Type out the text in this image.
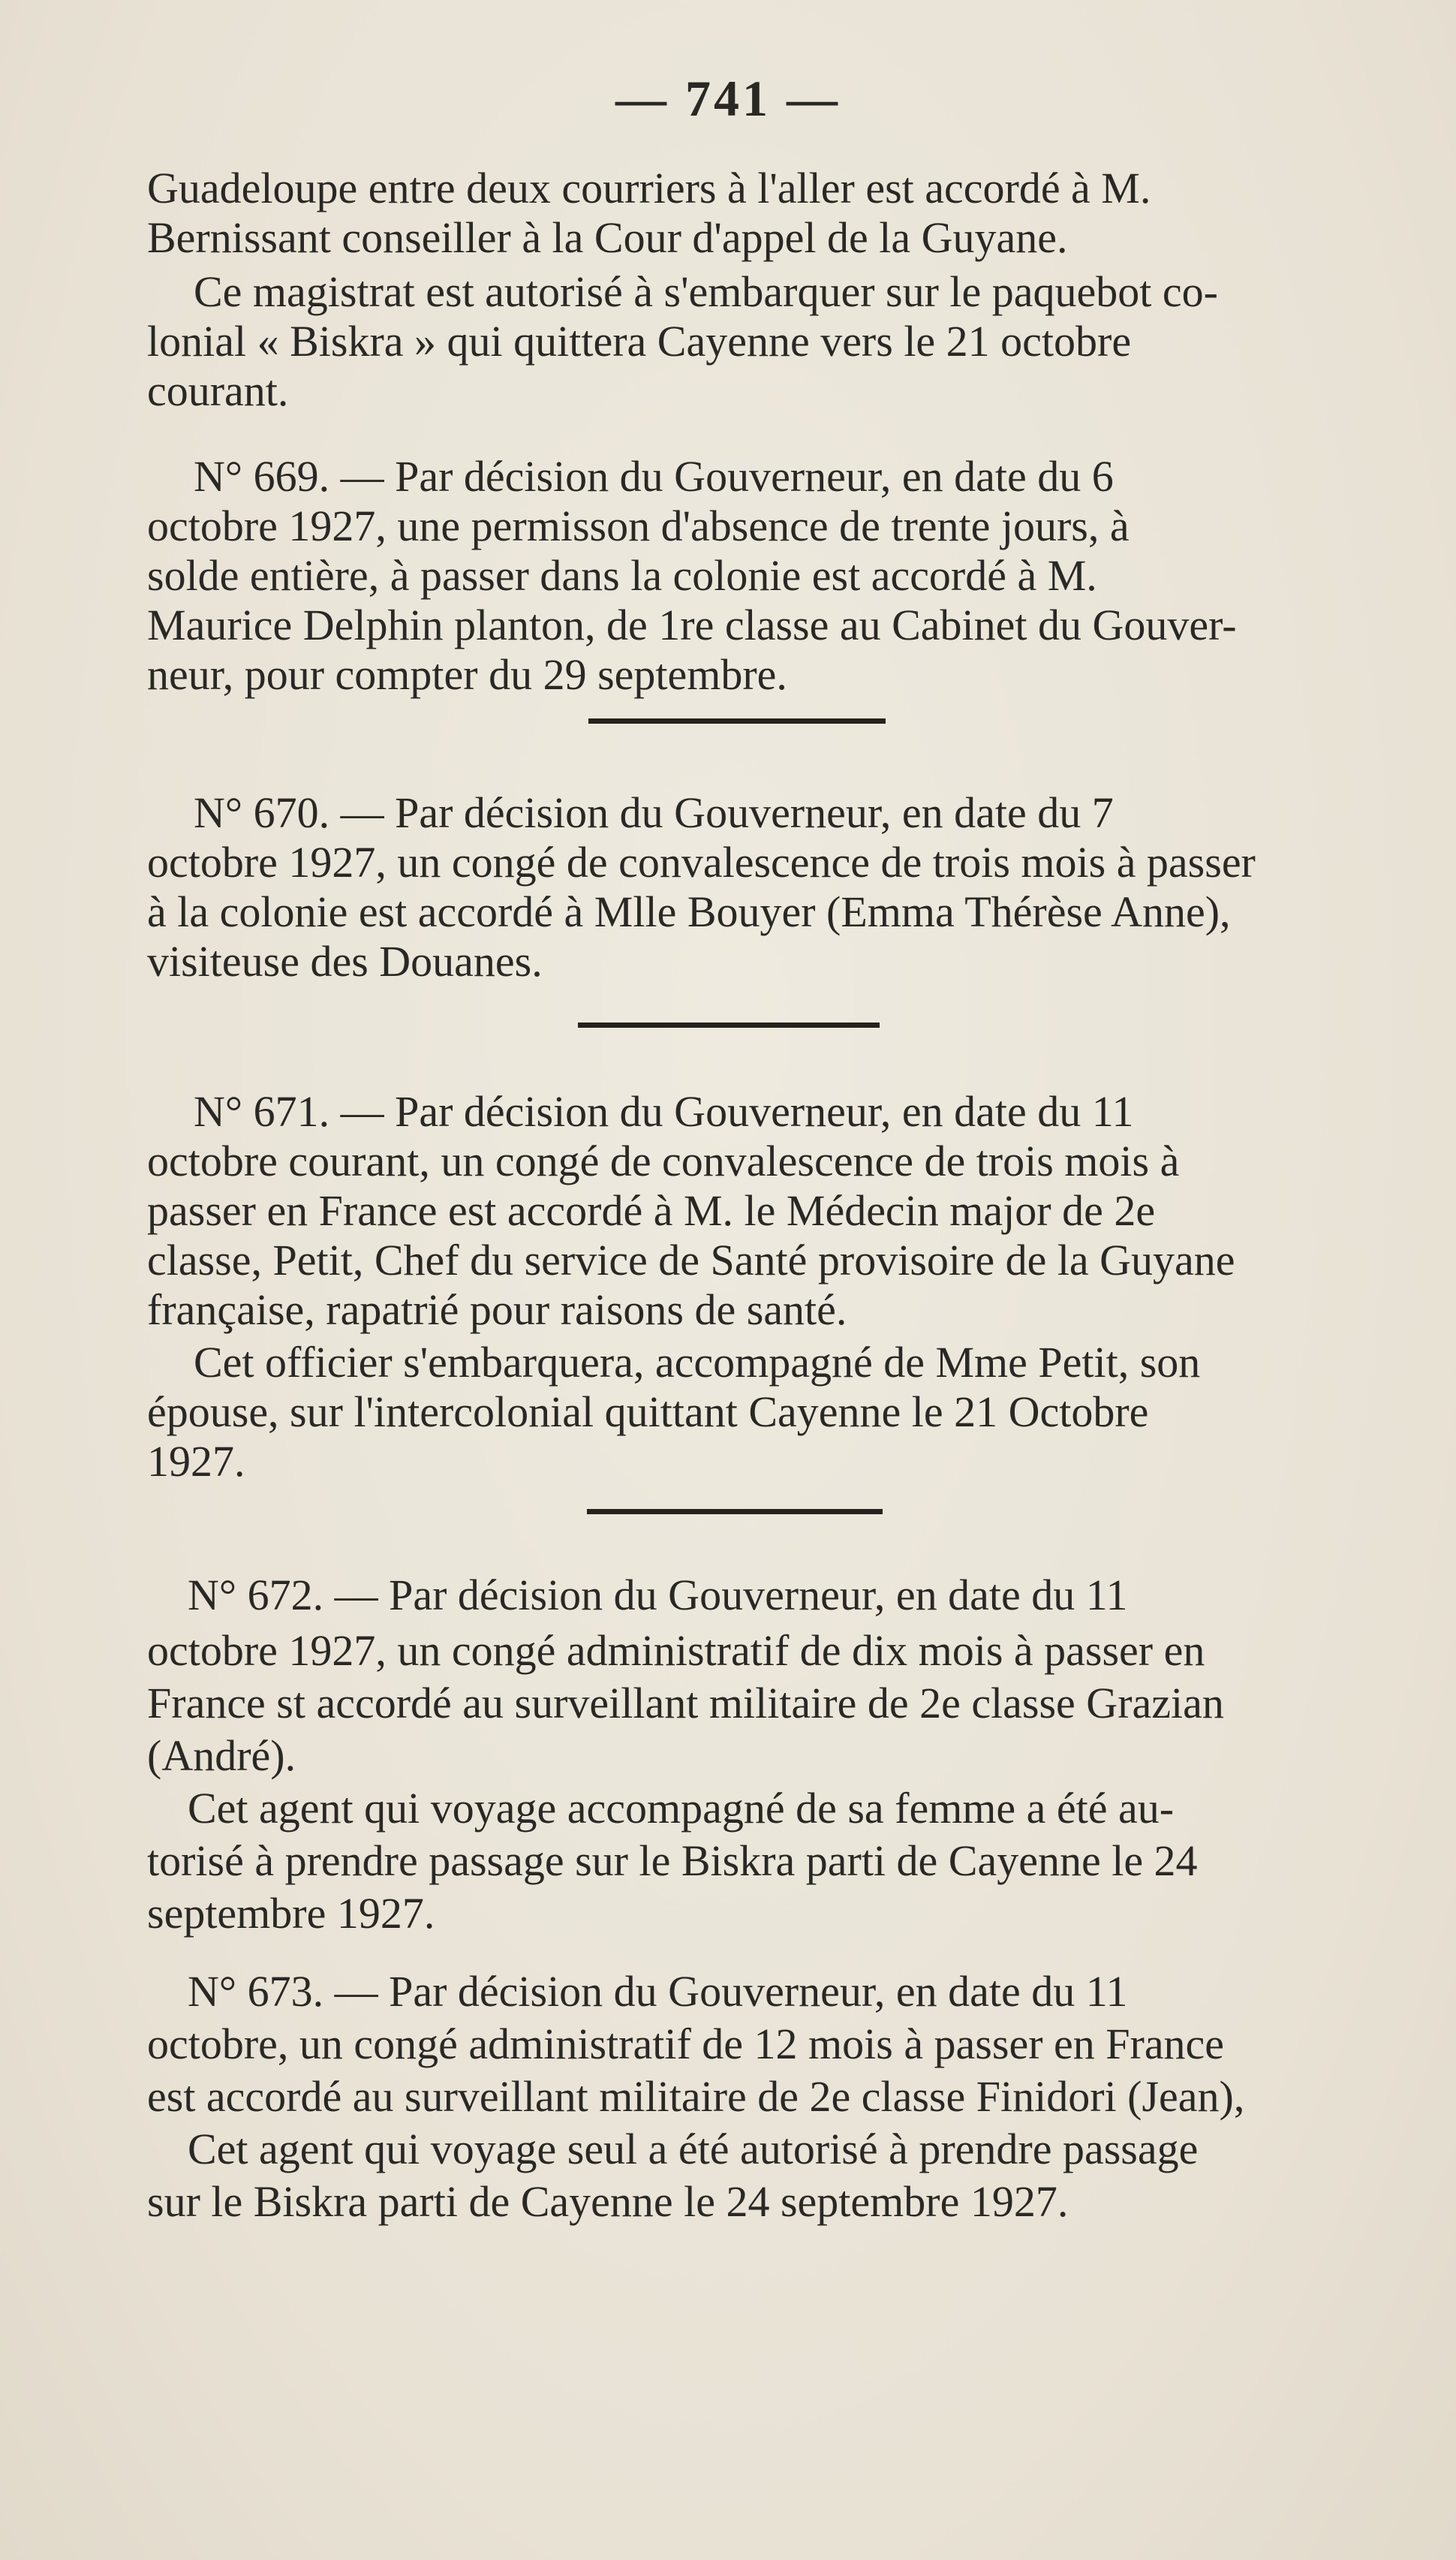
— 741 —
Guadeloupe entre deux courriers à l'aller est accordé à M.
Bernissant conseiller à la Cour d'appel de la Guyane.
Ce magistrat est autorisé à s'embarquer sur le paquebot co-
lonial « Biskra » qui quittera Cayenne vers le 21 octobre
courant.
N° 669. — Par décision du Gouverneur, en date du 6
octobre 1927, une permisson d'absence de trente jours, à
solde entière, à passer dans la colonie est accordé à M.
Maurice Delphin planton, de 1re classe au Cabinet du Gouver-
neur, pour compter du 29 septembre.
N° 670. — Par décision du Gouverneur, en date du 7
octobre 1927, un congé de convalescence de trois mois à passer
à la colonie est accordé à Mlle Bouyer (Emma Thérèse Anne),
visiteuse des Douanes.
N° 671. — Par décision du Gouverneur, en date du 11
octobre courant, un congé de convalescence de trois mois à
passer en France est accordé à M. le Médecin major de 2e
classe, Petit, Chef du service de Santé provisoire de la Guyane
française, rapatrié pour raisons de santé.
Cet officier s'embarquera, accompagné de Mme Petit, son
épouse, sur l'intercolonial quittant Cayenne le 21 Octobre
1927.
N° 672. — Par décision du Gouverneur, en date du 11
octobre 1927, un congé administratif de dix mois à passer en
France st accordé au surveillant militaire de 2e classe Grazian
(André).
Cet agent qui voyage accompagné de sa femme a été au-
torisé à prendre passage sur le Biskra parti de Cayenne le 24
septembre 1927.
N° 673. — Par décision du Gouverneur, en date du 11
octobre, un congé administratif de 12 mois à passer en France
est accordé au surveillant militaire de 2e classe Finidori (Jean),
Cet agent qui voyage seul a été autorisé à prendre passage
sur le Biskra parti de Cayenne le 24 septembre 1927.
